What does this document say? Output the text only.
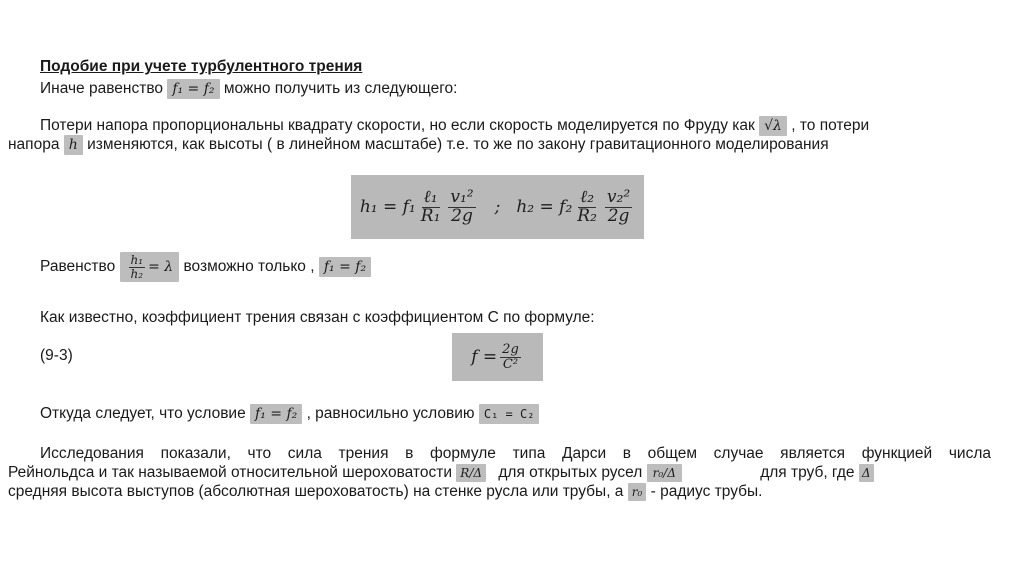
Подобие при учете турбулентного трения
Иначе равенство f₁ = f₂ можно получить из следующего:
Потери напора пропорциональны квадрату скорости, но если скорость моделируется по Фруду как √λ , то потери
напора h изменяются, как высоты ( в линейном масштабе) т.е. то же по закону гравитационного моделирования
$h_1 = f_1 \frac{\text{ℓ₁}}{\text{R₁}} \frac{\text{v₁²}}{2g}$ ; $h_2 = f_2 \frac{\text{ℓ₂}}{\text{R₂}} \frac{\text{v₂²}}{2g}$
Равенство $\frac{\text{h₁}}{\text{h₂}} = \lambda$ возможно только , f₁ = f₂
Как известно, коэффициент трения связан с коэффициентом С по формуле:
(9-3)	$f = \frac{2g}{\text{C²}}$
Откуда следует, что условие f₁ = f₂ , равносильно условию C₁ = C₂
Исследования показали, что сила трения в формуле типа Дарси в общем случае является функцией числа
Рейнольдса и так называемой относительной шероховатости R/Δ для открытых русел r₀/Δ	для труб, где Δ
средняя высота выступов (абсолютная шероховатость) на стенке русла или трубы, а r₀ - радиус трубы.
